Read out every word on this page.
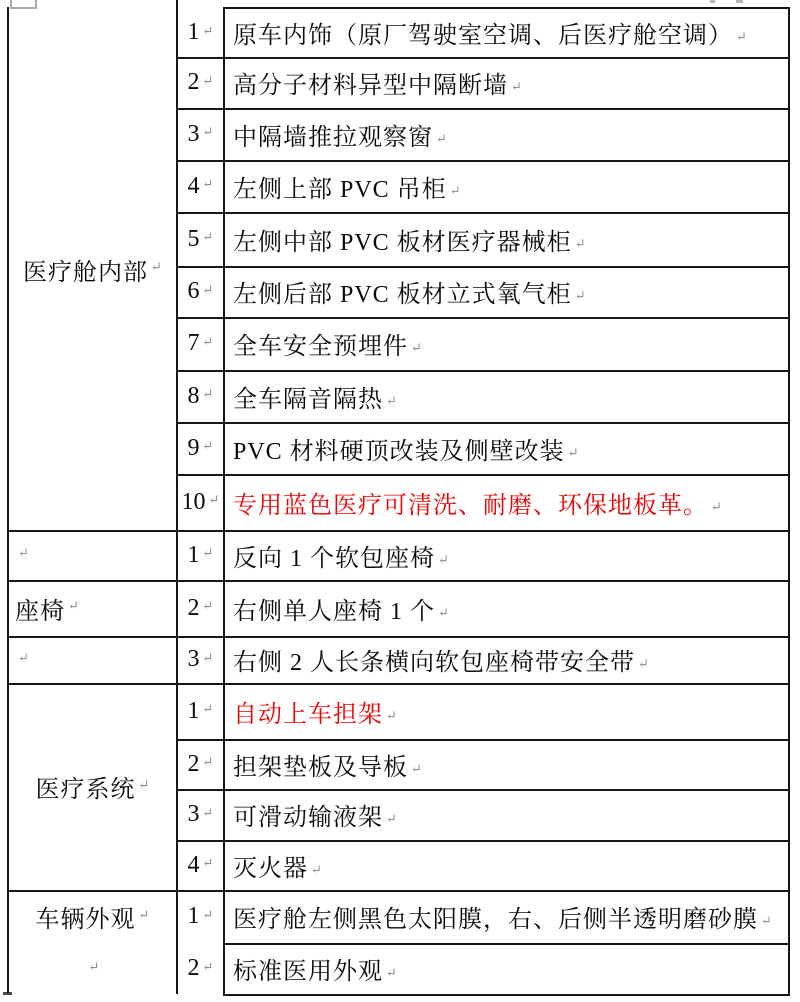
医疗舱内部 ↵
↵
座椅 ↵
↵
医疗系统 ↵
车辆外观 ↵
↵
1 ↵ 原车内饰（原厂驾驶室空调、后医疗舱空调） ↵
2 ↵ 高分子材料异型中隔断墙 ↵
3 ↵ 中隔墙推拉观察窗 ↵
4 ↵ 左侧上部 PVC 吊柜 ↵
5 ↵ 左侧中部 PVC 板材医疗器械柜 ↵
6 ↵ 左侧后部 PVC 板材立式氧气柜 ↵
7 ↵ 全车安全预埋件 ↵
8 ↵ 全车隔音隔热 ↵
9 ↵ PVC 材料硬顶改装及侧壁改装 ↵
10 ↵ 专用蓝色医疗可清洗、耐磨、环保地板革。 ↵
1 ↵ 反向 1 个软包座椅 ↵
2 ↵ 右侧单人座椅 1 个 ↵
3 ↵ 右侧 2 人长条横向软包座椅带安全带 ↵
1 ↵ 自动上车担架 ↵
2 ↵ 担架垫板及导板 ↵
3 ↵ 可滑动输液架 ↵
4 ↵ 灭火器 ↵
1 ↵ 医疗舱左侧黑色太阳膜，右、后侧半透明磨砂膜 ↵
2 ↵ 标准医用外观 ↵
